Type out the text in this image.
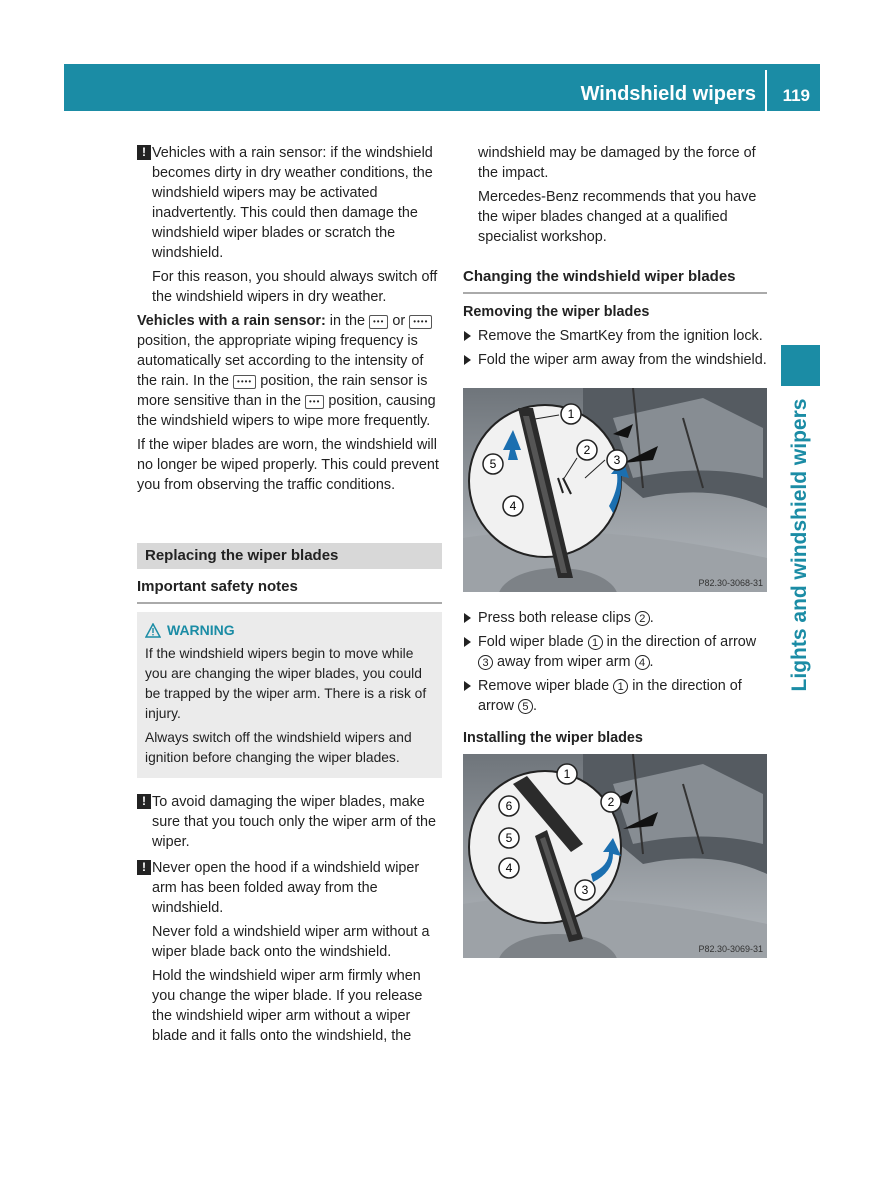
Windshield wipers 119
Lights and windshield wipers
! Vehicles with a rain sensor: if the windshield becomes dirty in dry weather conditions, the windshield wipers may be activated inadvertently. This could then damage the windshield wiper blades or scratch the windshield.

For this reason, you should always switch off the windshield wipers in dry weather.

Vehicles with a rain sensor: in the ••• or •••• position, the appropriate wiping frequency is automatically set according to the intensity of the rain. In the •••• position, the rain sensor is more sensitive than in the ••• position, causing the windshield wipers to wipe more frequently.

If the wiper blades are worn, the windshield will no longer be wiped properly. This could prevent you from observing the traffic conditions.

Replacing the wiper blades
Important safety notes
WARNING

If the windshield wipers begin to move while you are changing the wiper blades, you could be trapped by the wiper arm. There is a risk of injury.

Always switch off the windshield wipers and ignition before changing the wiper blades.

! To avoid damaging the wiper blades, make sure that you touch only the wiper arm of the wiper.

! Never open the hood if a windshield wiper arm has been folded away from the windshield.

Never fold a windshield wiper arm without a wiper blade back onto the windshield.

Hold the windshield wiper arm firmly when you change the wiper blade. If you release the windshield wiper arm without a wiper blade and it falls onto the windshield, the

windshield may be damaged by the force of the impact.

Mercedes-Benz recommends that you have the wiper blades changed at a qualified specialist workshop.

Changing the windshield wiper blades
Removing the wiper blades
Remove the SmartKey from the ignition lock.
Fold the wiper arm away from the windshield.
1
2
3
4
5
P82.30-3068-31
Press both release clips 2 .
Fold wiper blade 1 in the direction of arrow 3 away from wiper arm 4 .
Remove wiper blade 1 in the direction of arrow 5 .
Installing the wiper blades
1
2
3
4
5
6
P82.30-3069-31
